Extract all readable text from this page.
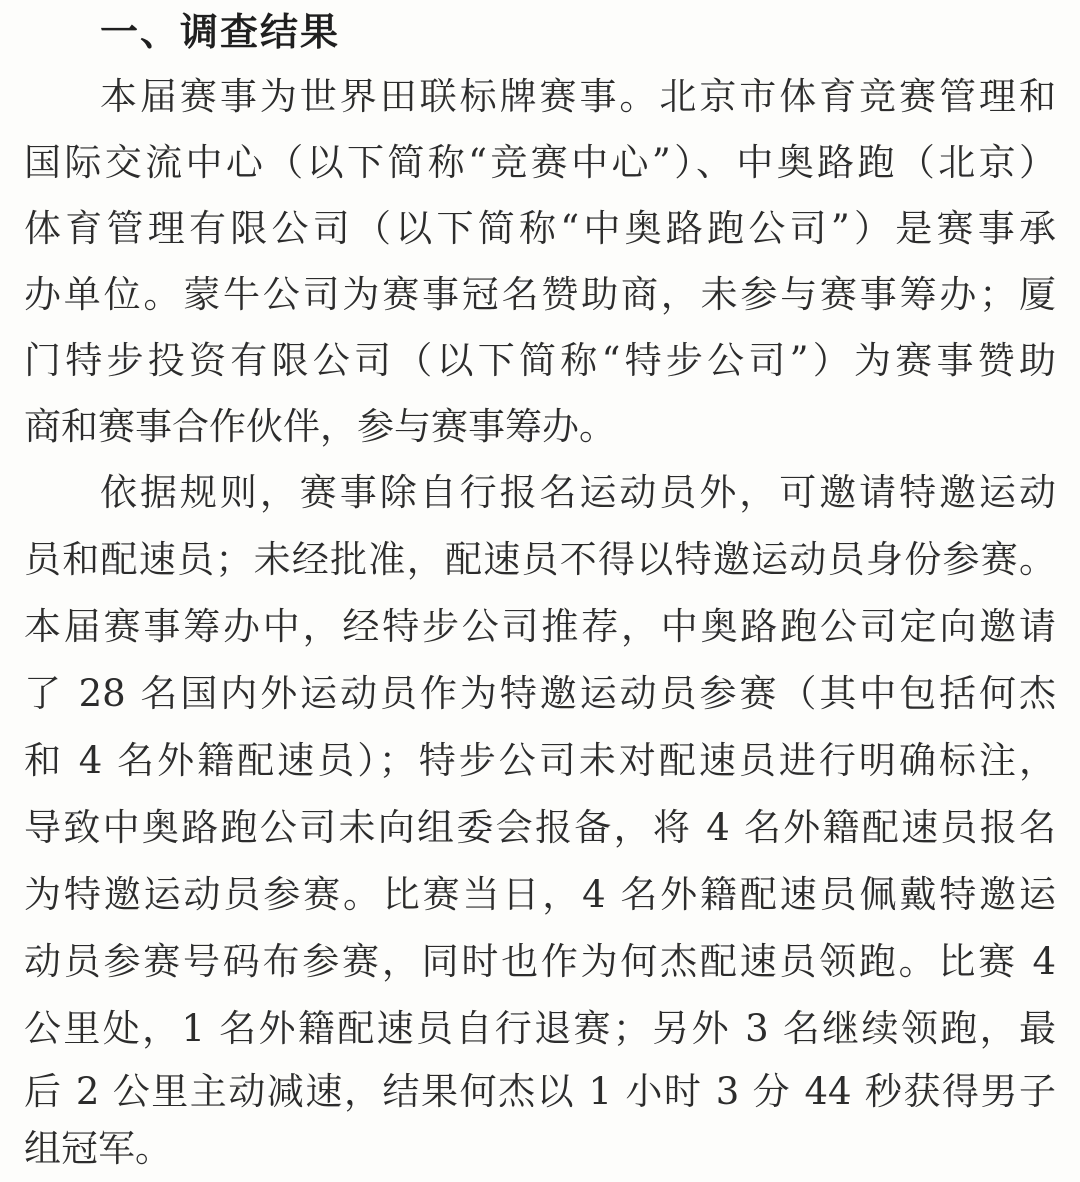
一、调查结果
本届赛事为世界田联标牌赛事。北京市体育竞赛管理和
国际交流中心（以下简称“竞赛中心”）、中奥路跑（北京）
体育管理有限公司（以下简称“中奥路跑公司”）是赛事承
办单位。蒙牛公司为赛事冠名赞助商，未参与赛事筹办；厦
门特步投资有限公司（以下简称“特步公司”）为赛事赞助
商和赛事合作伙伴，参与赛事筹办。
依据规则，赛事除自行报名运动员外，可邀请特邀运动
员和配速员；未经批准，配速员不得以特邀运动员身份参赛。
本届赛事筹办中，经特步公司推荐，中奥路跑公司定向邀请
了 28 名国内外运动员作为特邀运动员参赛（其中包括何杰
和 4 名外籍配速员）；特步公司未对配速员进行明确标注，
导致中奥路跑公司未向组委会报备，将 4 名外籍配速员报名
为特邀运动员参赛。比赛当日，4 名外籍配速员佩戴特邀运
动员参赛号码布参赛，同时也作为何杰配速员领跑。比赛 4
公里处，1 名外籍配速员自行退赛；另外 3 名继续领跑，最
后 2 公里主动减速，结果何杰以 1 小时 3 分 44 秒获得男子
组冠军。
